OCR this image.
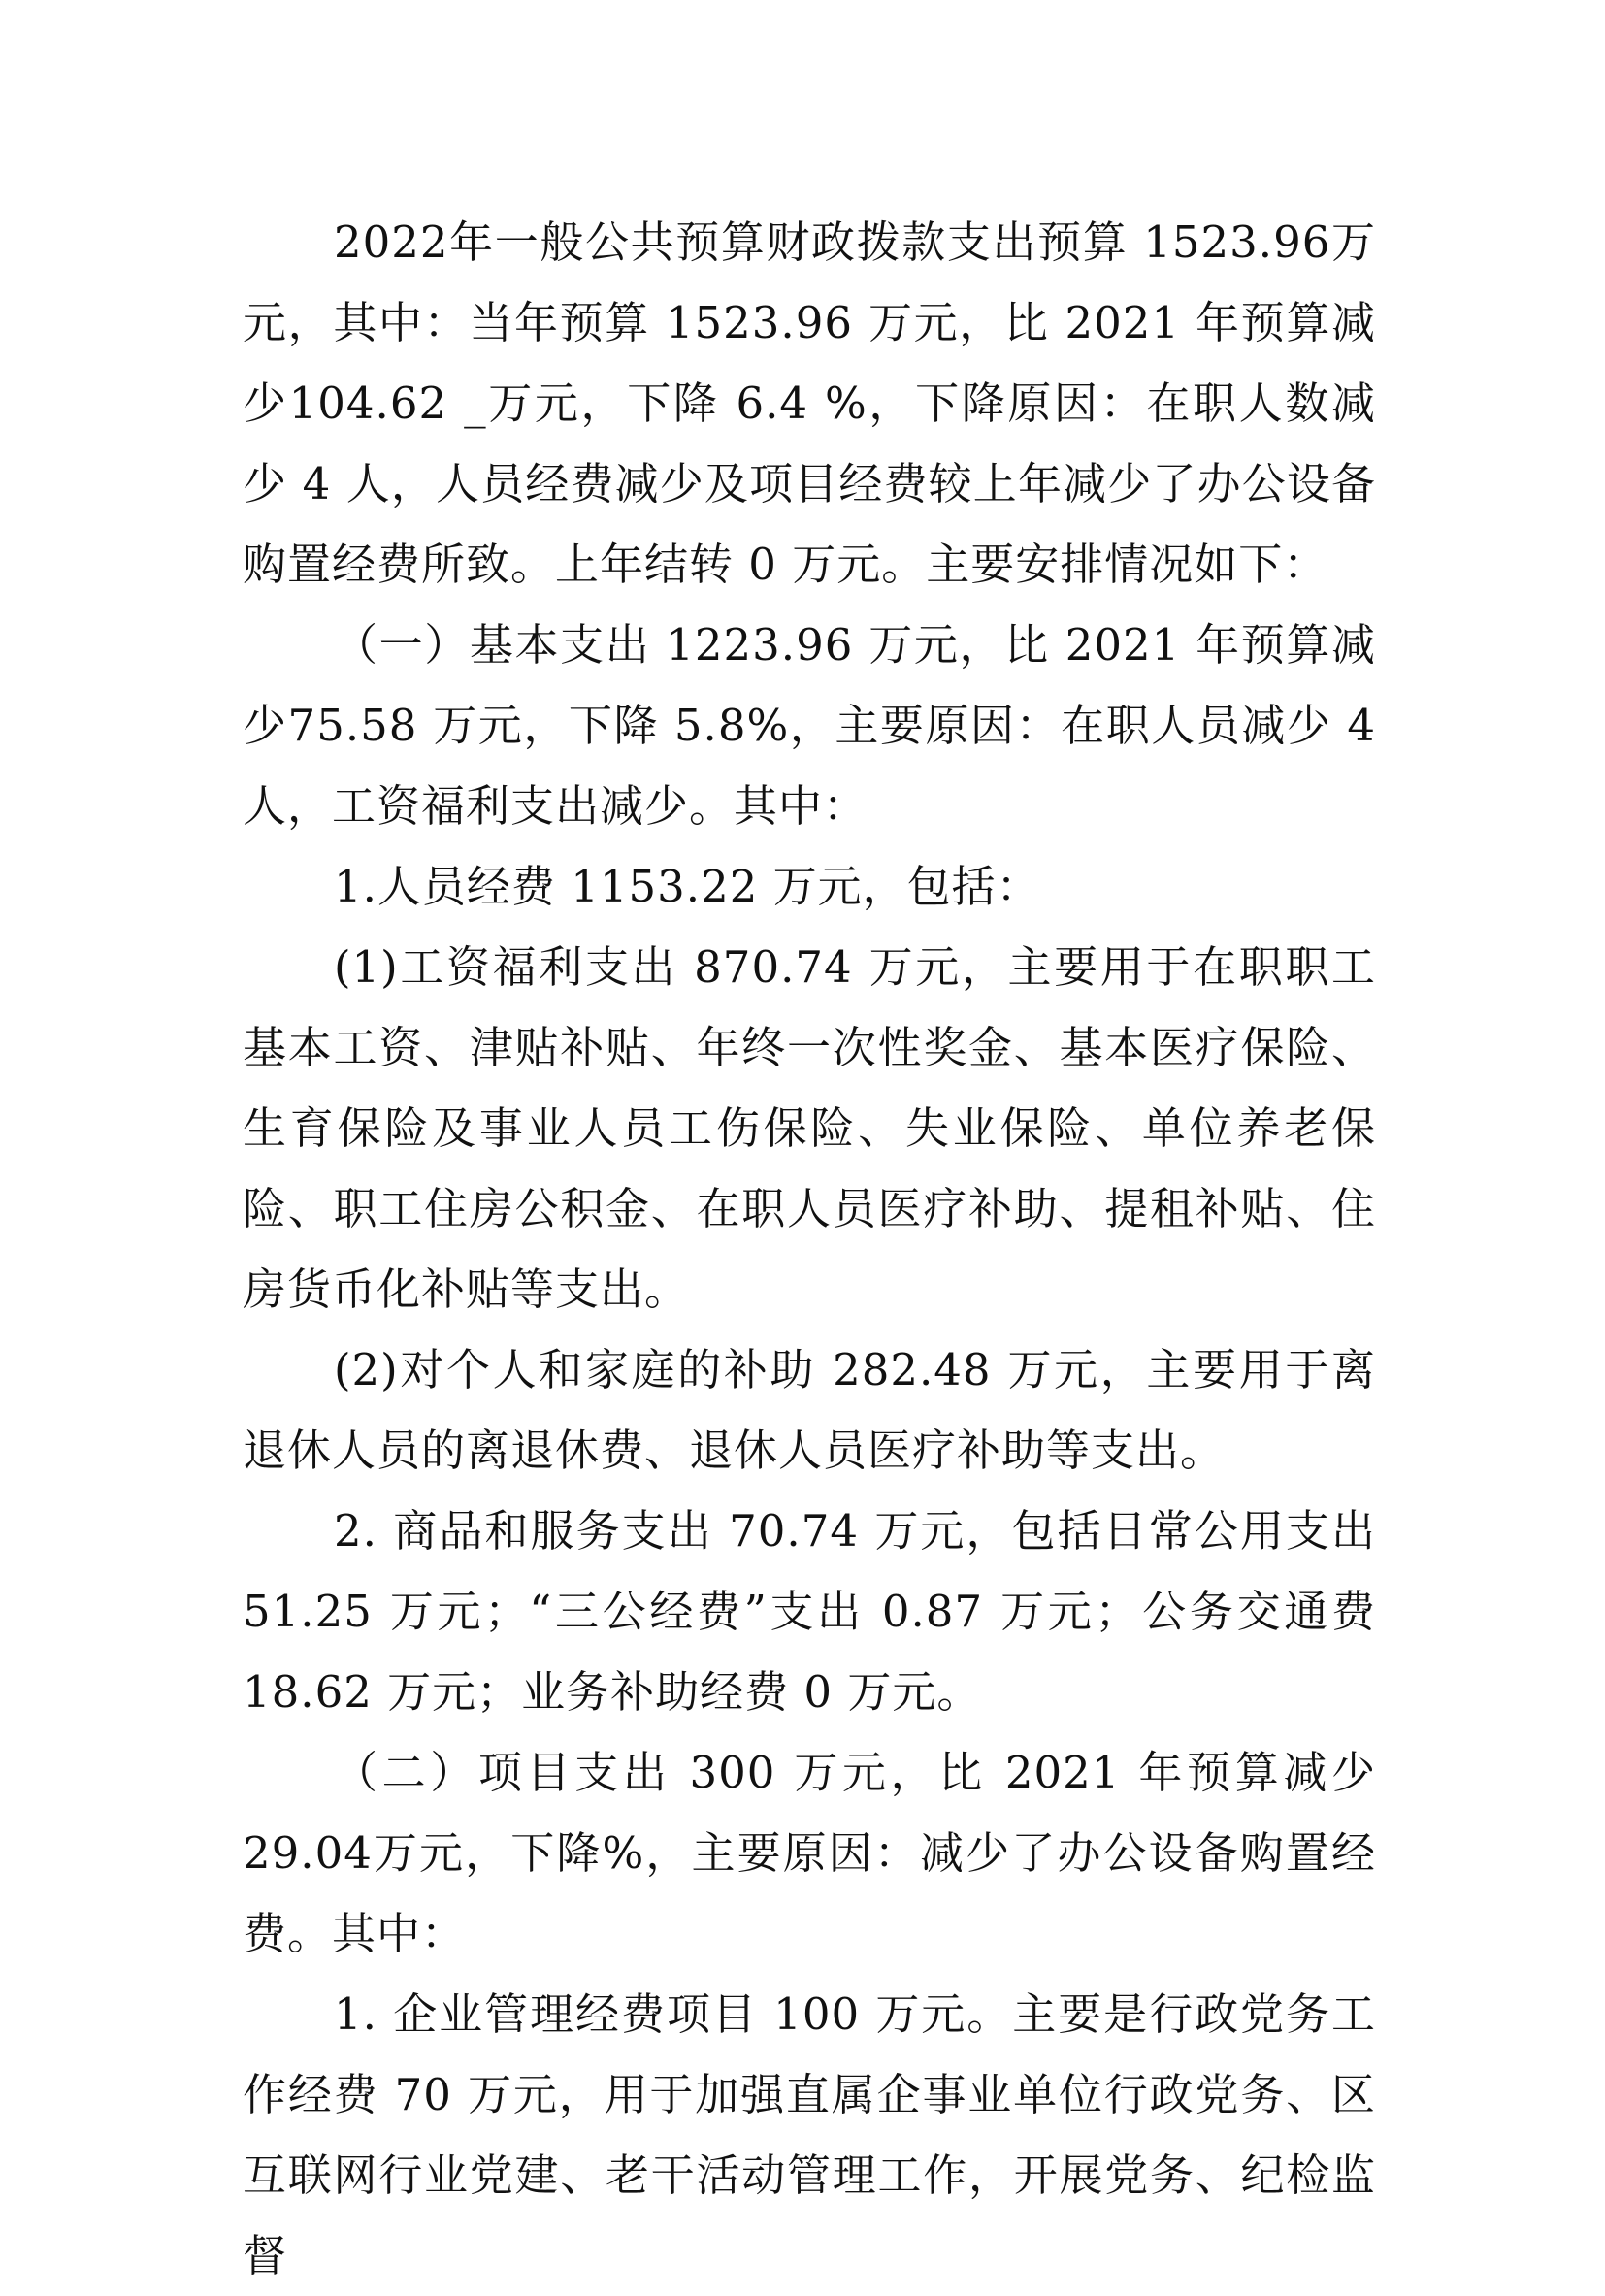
2022年一般公共预算财政拨款支出预算 1523.96万元，其中：当年预算 1523.96 万元，比 2021 年预算减少104.62 _万元，下降 6.4 %，下降原因：在职人数减少 4 人，人员经费减少及项目经费较上年减少了办公设备购置经费所致。上年结转 0 万元。主要安排情况如下：

（一）基本支出 1223.96 万元，比 2021 年预算减少75.58 万元，下降 5.8%，主要原因：在职人员减少 4 人，工资福利支出减少。其中：

1.人员经费 1153.22 万元，包括：

(1)工资福利支出 870.74 万元，主要用于在职职工基本工资、津贴补贴、年终一次性奖金、基本医疗保险、生育保险及事业人员工伤保险、失业保险、单位养老保险、职工住房公积金、在职人员医疗补助、提租补贴、住房货币化补贴等支出。

(2)对个人和家庭的补助 282.48 万元，主要用于离退休人员的离退休费、退休人员医疗补助等支出。

2. 商品和服务支出 70.74 万元，包括日常公用支出51.25 万元；“三公经费”支出 0.87 万元；公务交通费18.62 万元；业务补助经费 0 万元。

（二）项目支出 300 万元，比 2021 年预算减少 29.04万元，下降%，主要原因：减少了办公设备购置经费。其中：

1. 企业管理经费项目 100 万元。主要是行政党务工作经费 70 万元，用于加强直属企事业单位行政党务、区互联网行业党建、老干活动管理工作，开展党务、纪检监督
